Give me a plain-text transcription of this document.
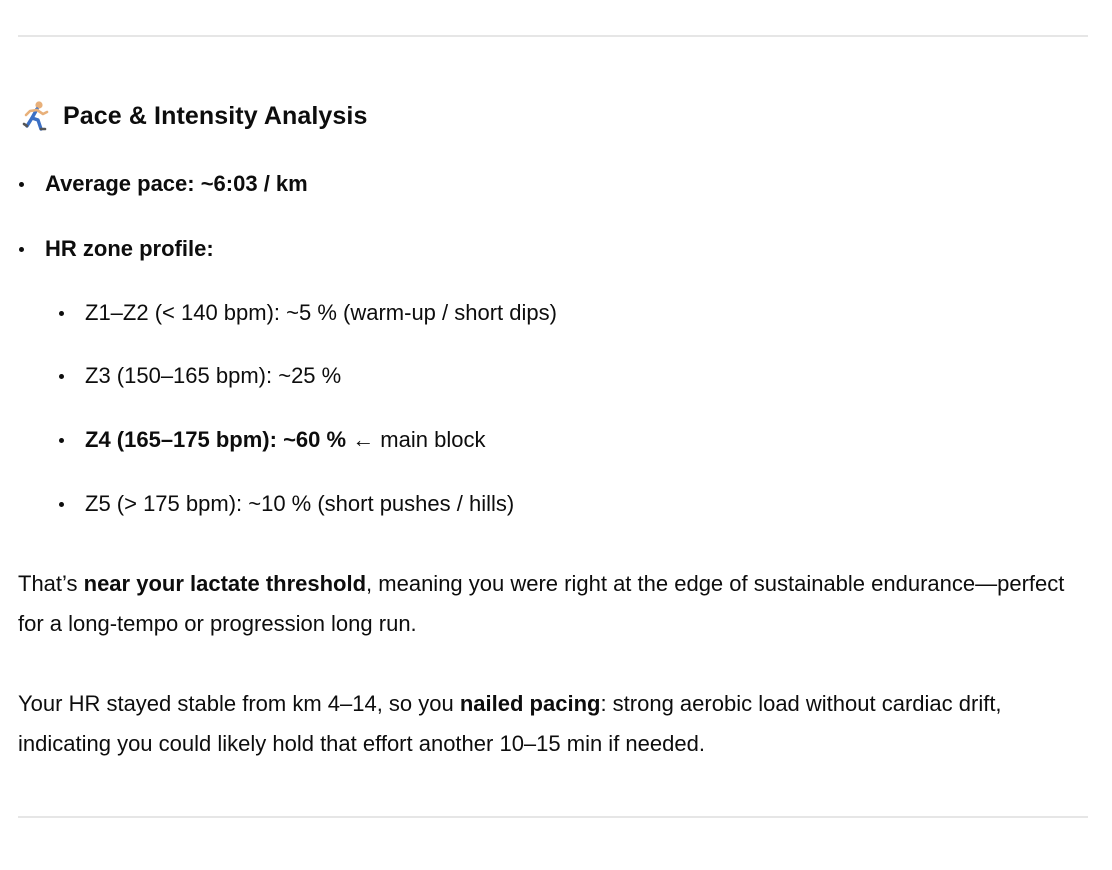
Pace & Intensity Analysis
Average pace: ~6:03 / km
HR zone profile:
Z1–Z2 (< 140 bpm): ~5 % (warm-up / short dips)
Z3 (150–165 bpm): ~25 %
Z4 (165–175 bpm): ~60 % ← main block
Z5 (> 175 bpm): ~10 % (short pushes / hills)

That’s near your lactate threshold, meaning you were right at the edge of sustainable endurance—perfect for a long-tempo or progression long run.

Your HR stayed stable from km 4–14, so you nailed pacing: strong aerobic load without cardiac drift, indicating you could likely hold that effort another 10–15 min if needed.
